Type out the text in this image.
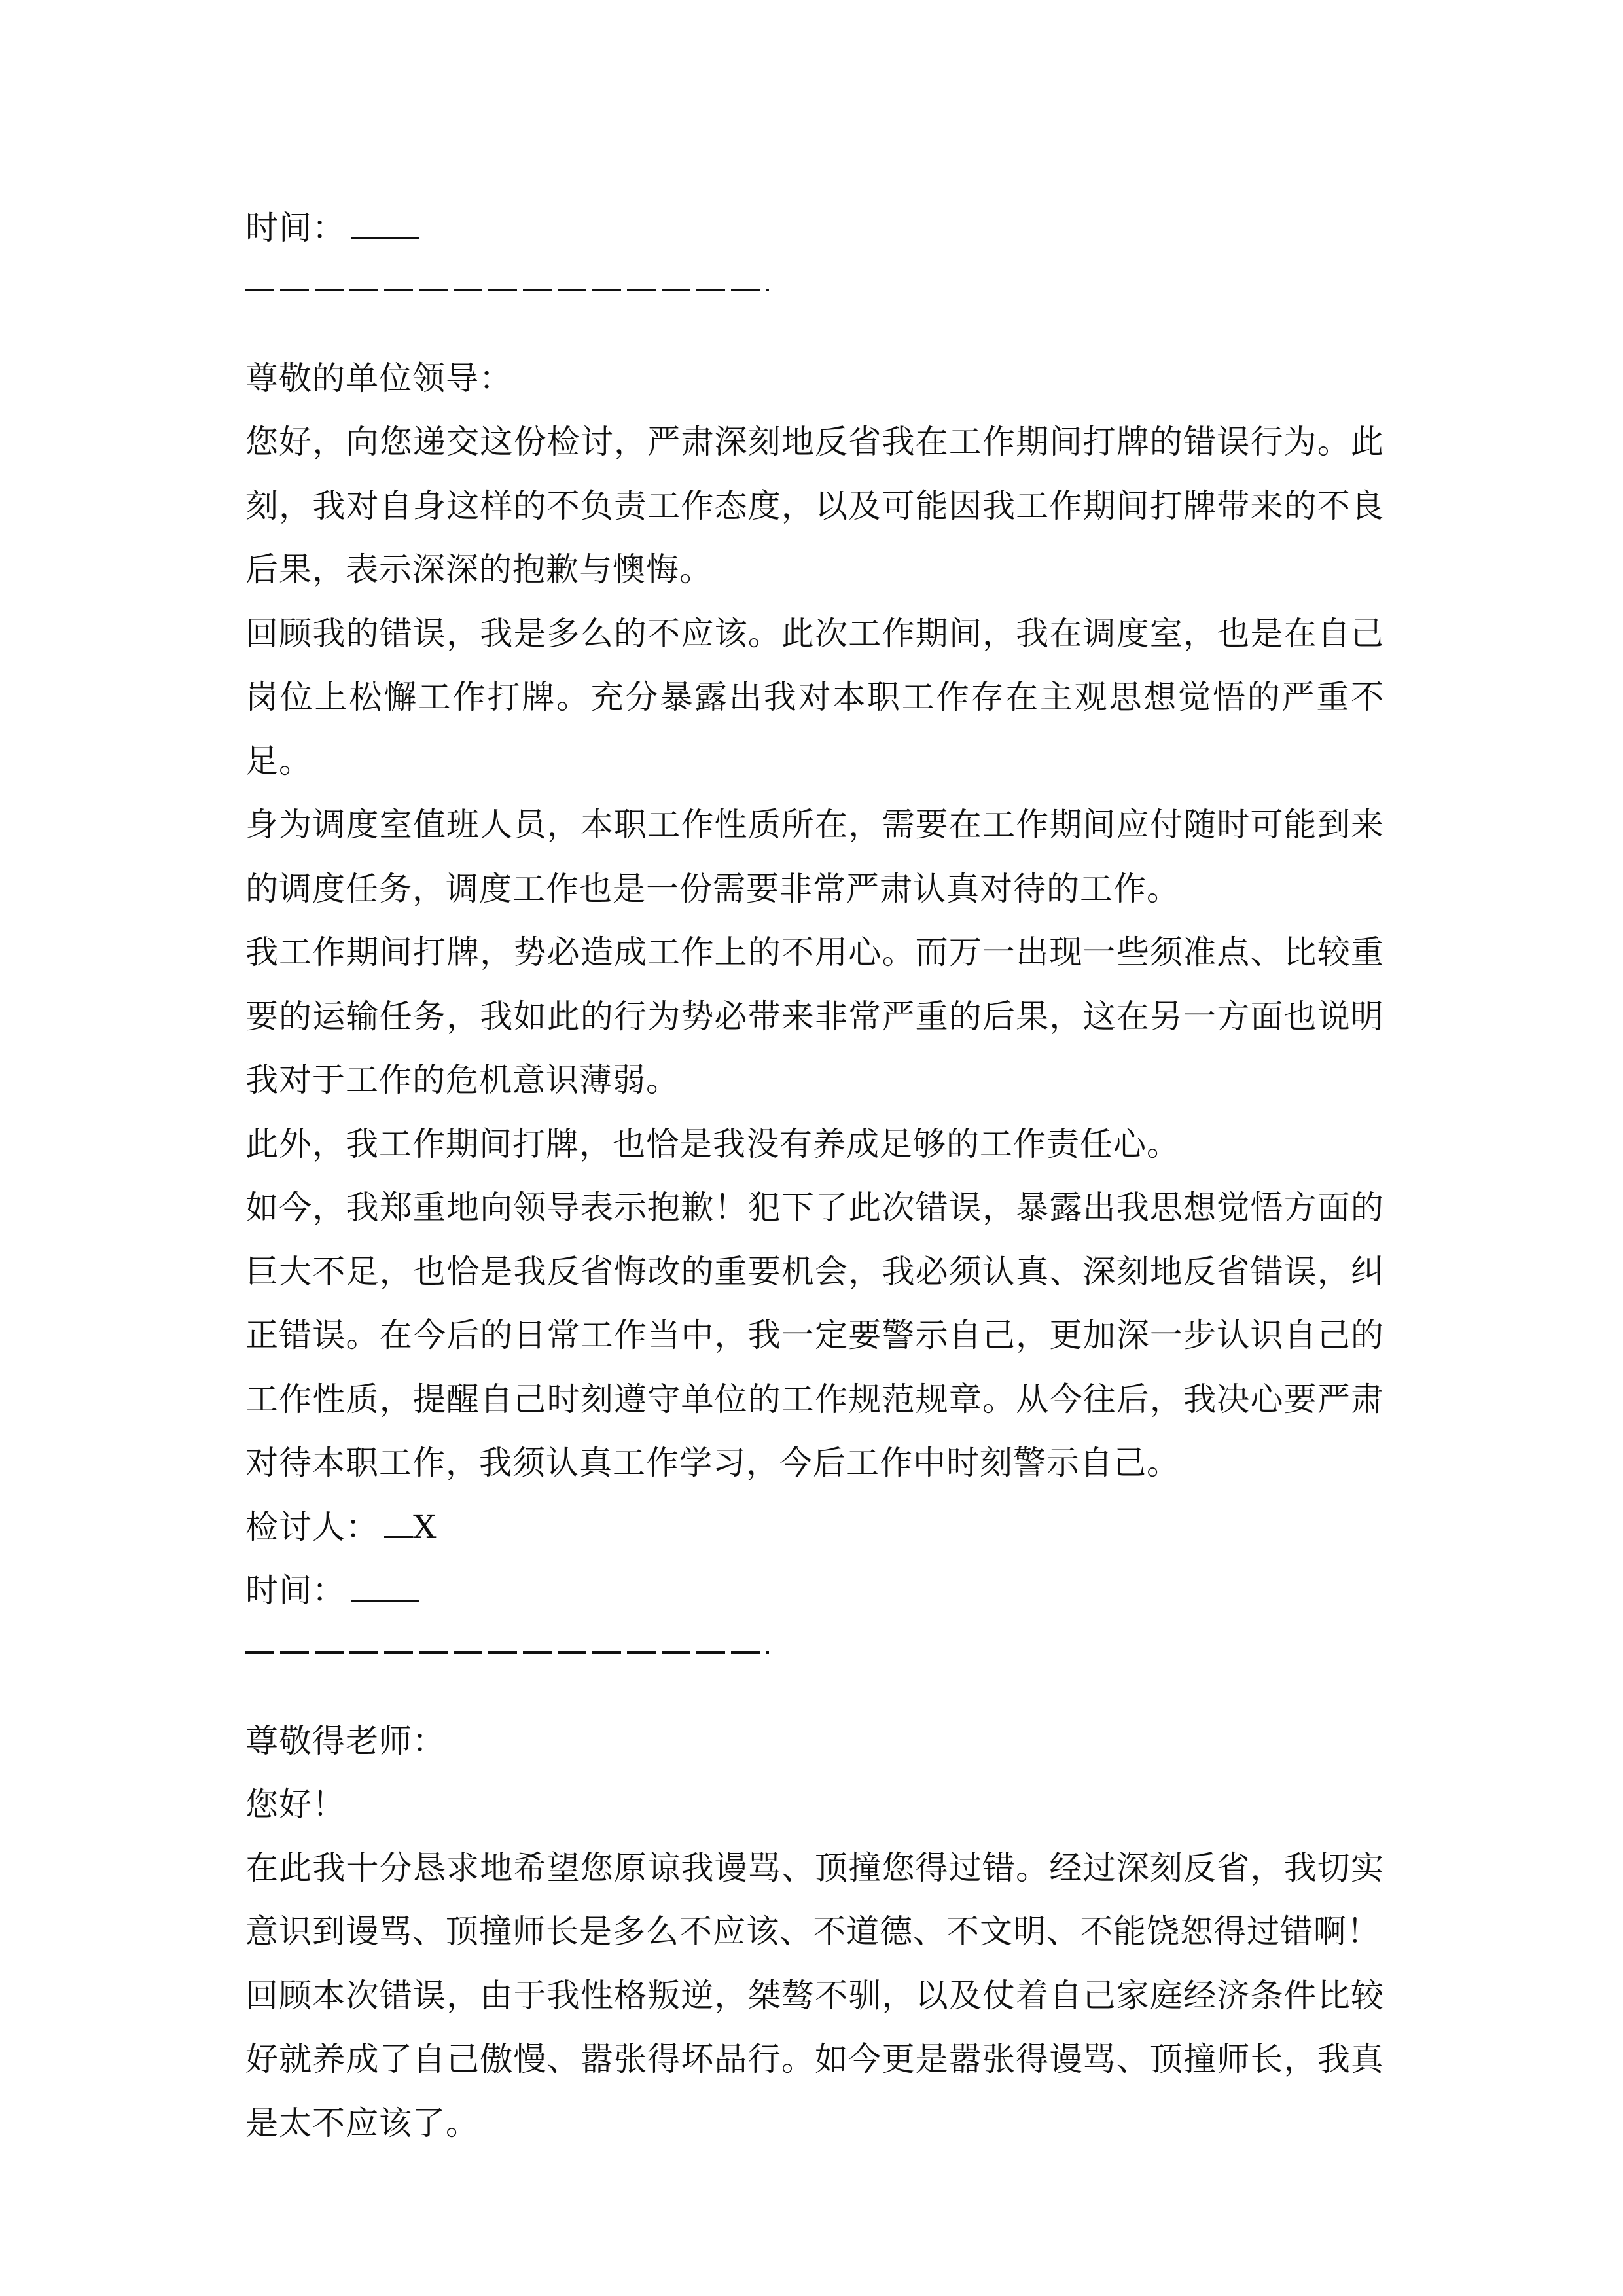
时间：
尊敬的单位领导：
您好，向您递交这份检讨，严肃深刻地反省我在工作期间打牌的错误行为。此刻，我对自身这样的不负责工作态度，以及可能因我工作期间打牌带来的不良后果，表示深深的抱歉与懊悔。
回顾我的错误，我是多么的不应该。此次工作期间，我在调度室，也是在自己岗位上松懈工作打牌。充分暴露出我对本职工作存在主观思想觉悟的严重不足。
身为调度室值班人员，本职工作性质所在，需要在工作期间应付随时可能到来的调度任务，调度工作也是一份需要非常严肃认真对待的工作。
我工作期间打牌，势必造成工作上的不用心。而万一出现一些须准点、比较重要的运输任务，我如此的行为势必带来非常严重的后果，这在另一方面也说明我对于工作的危机意识薄弱。
此外，我工作期间打牌，也恰是我没有养成足够的工作责任心。
如今，我郑重地向领导表示抱歉！犯下了此次错误，暴露出我思想觉悟方面的巨大不足，也恰是我反省悔改的重要机会，我必须认真、深刻地反省错误，纠正错误。在今后的日常工作当中，我一定要警示自己，更加深一步认识自己的工作性质，提醒自己时刻遵守单位的工作规范规章。从今往后，我决心要严肃对待本职工作，我须认真工作学习，今后工作中时刻警示自己。
检讨人： X
时间：
尊敬得老师：
您好！
在此我十分恳求地希望您原谅我谩骂、顶撞您得过错。经过深刻反省，我切实意识到谩骂、顶撞师长是多么不应该、不道德、不文明、不能饶恕得过错啊！
回顾本次错误，由于我性格叛逆，桀骜不驯，以及仗着自己家庭经济条件比较好就养成了自己傲慢、嚣张得坏品行。如今更是嚣张得谩骂、顶撞师长，我真是太不应该了。
